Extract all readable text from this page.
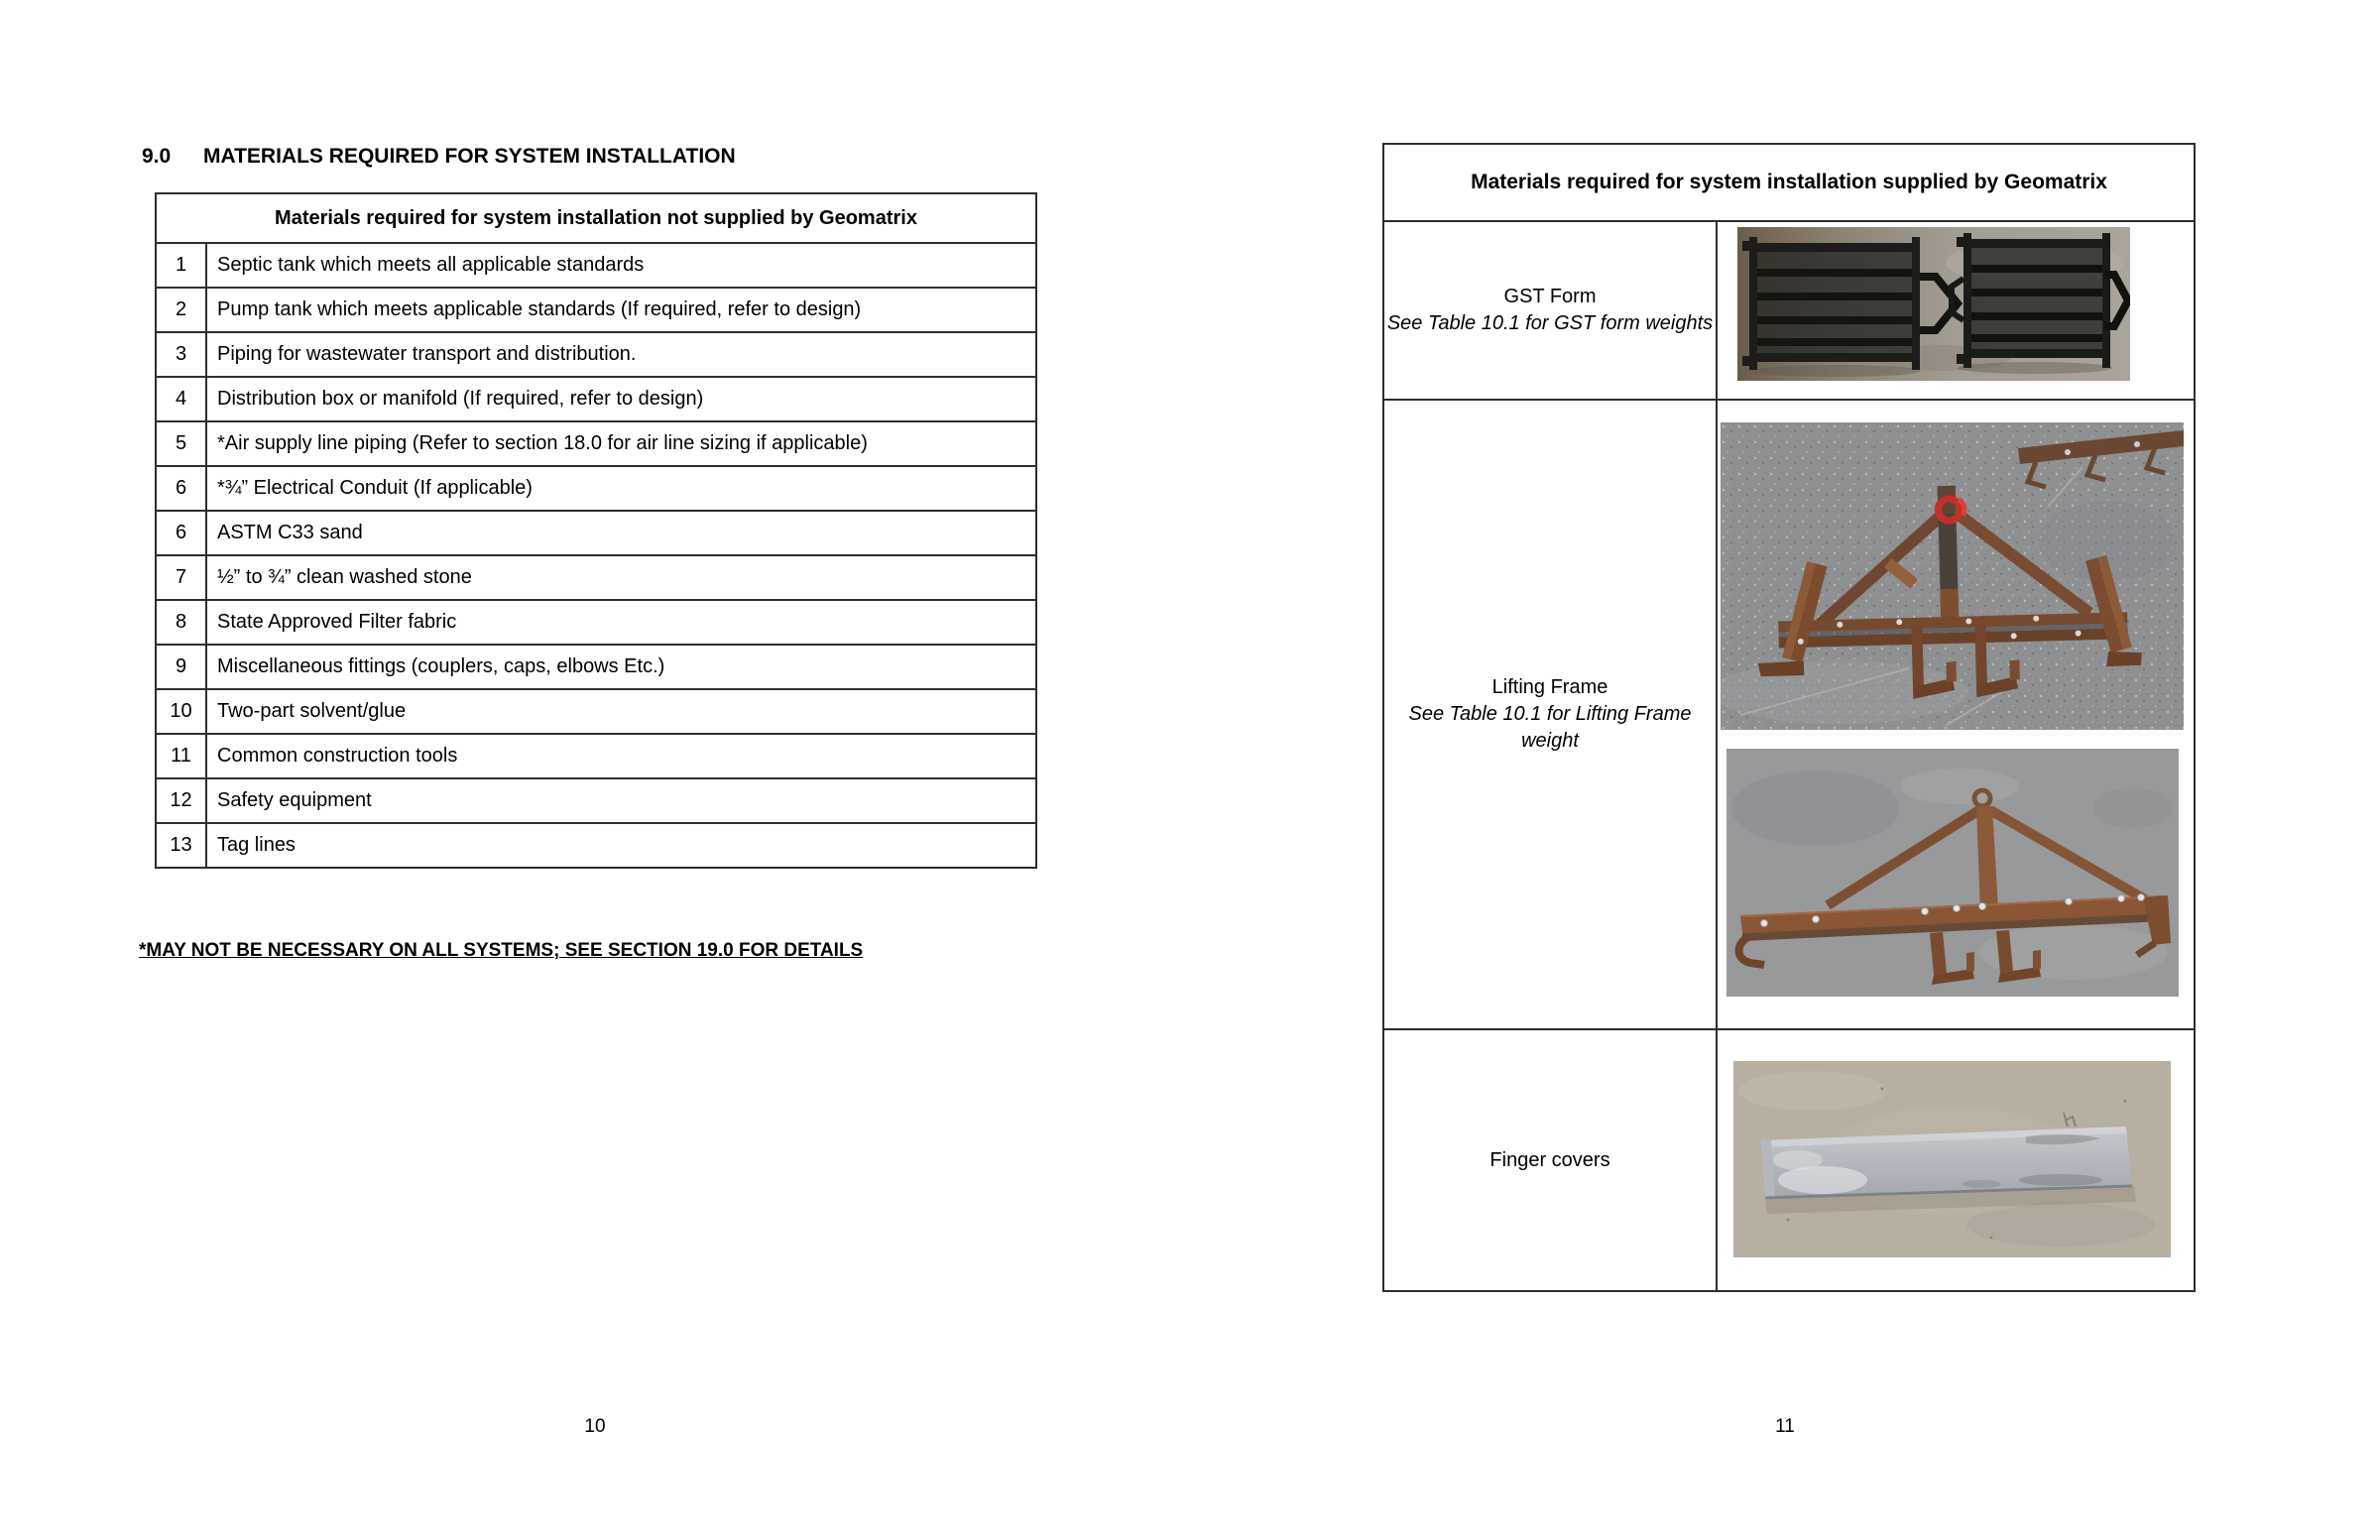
9.0 MATERIALS REQUIRED FOR SYSTEM INSTALLATION
Materials required for system installation not supplied by Geomatrix	
1	Septic tank which meets all applicable standards
2	Pump tank which meets applicable standards (If required, refer to design)
3	Piping for wastewater transport and distribution.
4	Distribution box or manifold (If required, refer to design)
5	*Air supply line piping (Refer to section 18.0 for air line sizing if applicable)
6	*¾” Electrical Conduit (If applicable)
6	ASTM C33 sand
7	½” to ¾” clean washed stone
8	State Approved Filter fabric
9	Miscellaneous fittings (couplers, caps, elbows Etc.)
10	Two-part solvent/glue
11	Common construction tools
12	Safety equipment
13	Tag lines
*MAY NOT BE NECESSARY ON ALL SYSTEMS; SEE SECTION 19.0 FOR DETAILS
10
Materials required for system installation supplied by Geomatrix	

GST Form
See Table 10.1 for GST form weights	

Lifting Frame
See Table 10.1 for Lifting Frame weight	

Finger covers	

11
